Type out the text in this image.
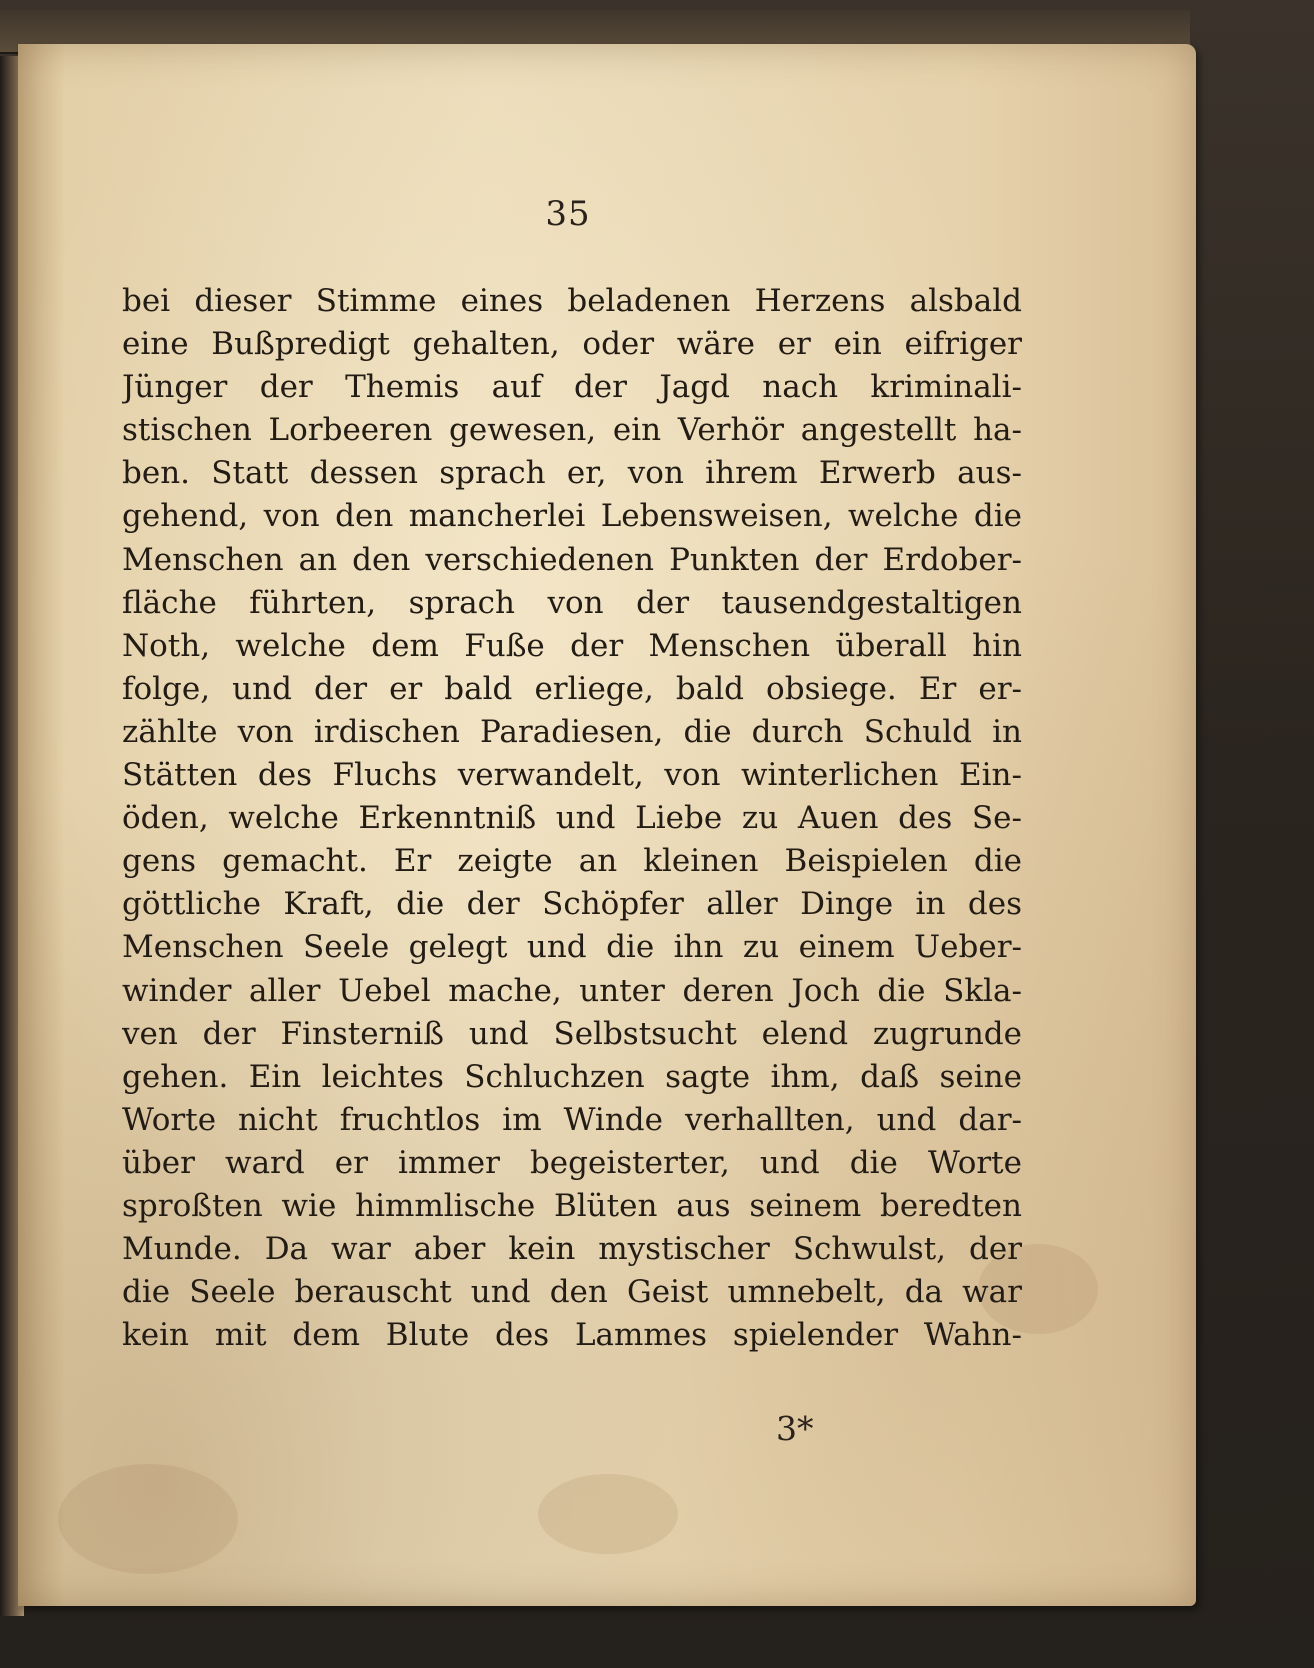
35

bei dieser Stimme eines beladenen Herzens alsbald
eine Bußpredigt gehalten, oder wäre er ein eifriger
Jünger der Themis auf der Jagd nach kriminali-
stischen Lorbeeren gewesen, ein Verhör angestellt ha-
ben. Statt dessen sprach er, von ihrem Erwerb aus-
gehend, von den mancherlei Lebensweisen, welche die
Menschen an den verschiedenen Punkten der Erdober-
fläche führten, sprach von der tausendgestaltigen
Noth, welche dem Fuße der Menschen überall hin
folge, und der er bald erliege, bald obsiege. Er er-
zählte von irdischen Paradiesen, die durch Schuld in
Stätten des Fluchs verwandelt, von winterlichen Ein-
öden, welche Erkenntniß und Liebe zu Auen des Se-
gens gemacht. Er zeigte an kleinen Beispielen die
göttliche Kraft, die der Schöpfer aller Dinge in des
Menschen Seele gelegt und die ihn zu einem Ueber-
winder aller Uebel mache, unter deren Joch die Skla-
ven der Finsterniß und Selbstsucht elend zugrunde
gehen. Ein leichtes Schluchzen sagte ihm, daß seine
Worte nicht fruchtlos im Winde verhallten, und dar-
über ward er immer begeisterter, und die Worte
sproßten wie himmlische Blüten aus seinem beredten
Munde. Da war aber kein mystischer Schwulst, der
die Seele berauscht und den Geist umnebelt, da war
kein mit dem Blute des Lammes spielender Wahn-

3*
